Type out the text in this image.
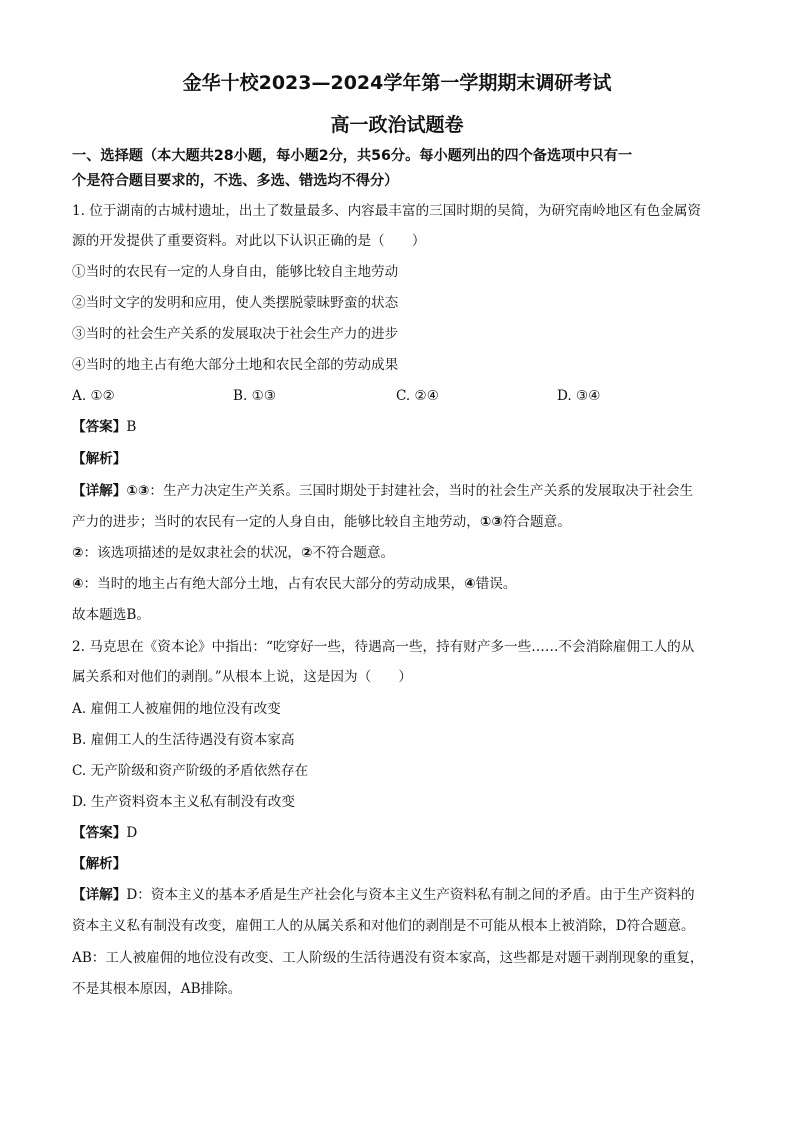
金华十校2023—2024学年第一学期期末调研考试
高一政治试题卷
一、选择题（本大题共28小题，每小题2分，共56分。每小题列出的四个备选项中只有一
个是符合题目要求的，不选、多选、错选均不得分）
1. 位于湖南的古城村遗址，出土了数量最多、内容最丰富的三国时期的吴简，为研究南岭地区有色金属资
源的开发提供了重要资料。对此以下认识正确的是（　　）
①当时的农民有一定的人身自由，能够比较自主地劳动
②当时文字的发明和应用，使人类摆脱蒙昧野蛮的状态
③当时的社会生产关系的发展取决于社会生产力的进步
④当时的地主占有绝大部分土地和农民全部的劳动成果
A. ①②	B. ①③	C. ②④	D. ③④
【答案】B
【解析】
【详解】①③：生产力决定生产关系。三国时期处于封建社会，当时的社会生产关系的发展取决于社会生
产力的进步；当时的农民有一定的人身自由，能够比较自主地劳动，①③符合题意。
②：该选项描述的是奴隶社会的状况，②不符合题意。
④：当时的地主占有绝大部分土地，占有农民大部分的劳动成果，④错误。
故本题选B。
2. 马克思在《资本论》中指出：“吃穿好一些，待遇高一些，持有财产多一些……不会消除雇佣工人的从
属关系和对他们的剥削。”从根本上说，这是因为（　　）
A. 雇佣工人被雇佣的地位没有改变
B. 雇佣工人的生活待遇没有资本家高
C. 无产阶级和资产阶级的矛盾依然存在
D. 生产资料资本主义私有制没有改变
【答案】D
【解析】
【详解】D：资本主义的基本矛盾是生产社会化与资本主义生产资料私有制之间的矛盾。由于生产资料的
资本主义私有制没有改变，雇佣工人的从属关系和对他们的剥削是不可能从根本上被消除，D符合题意。
AB：工人被雇佣的地位没有改变、工人阶级的生活待遇没有资本家高，这些都是对题干剥削现象的重复，
不是其根本原因，AB排除。
